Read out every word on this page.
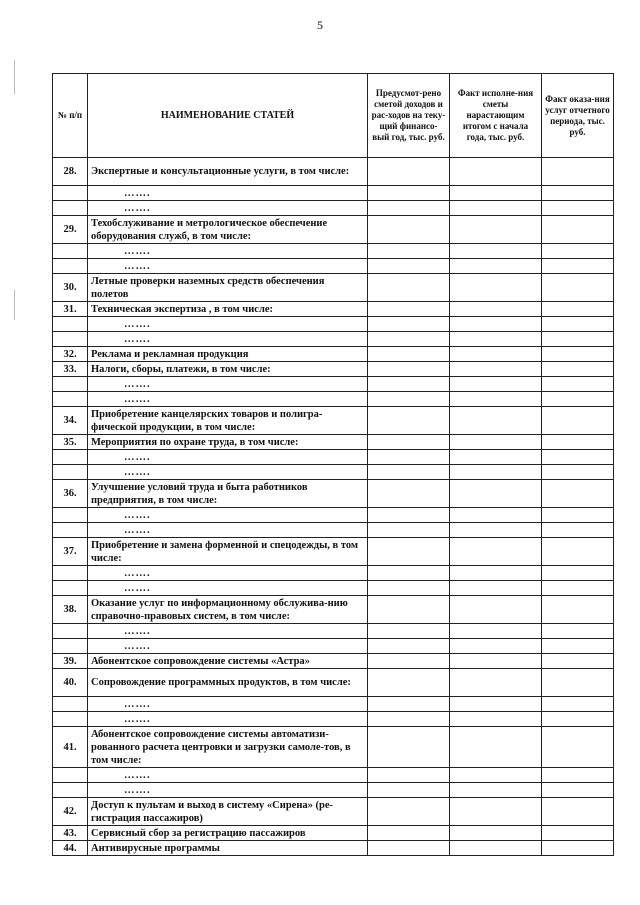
5
№ п/п	НАИМЕНОВАНИЕ СТАТЕЙ	Предусмот-рено сметой доходов и рас-ходов на теку-щий финансо-вый год, тыс. руб.	Факт исполне-ния сметы нарастающим итогом с начала года, тыс. руб.	Факт оказа-ния услуг отчетного периода, тыс. руб.
28.	Экспертные и консультационные услуги, в том числе:			
	…….			
	…….			
29.	Техобслуживание и метрологическое обеспечение оборудования служб, в том числе:			
	…….			
	…….			
30.	Летные проверки наземных средств обеспечения полетов			
31.	Техническая экспертиза , в том числе:			
	…….			
	…….			
32.	Реклама и рекламная продукция			
33.	Налоги, сборы, платежи, в том числе:			
	…….			
	…….			
34.	Приобретение канцелярских товаров и полигра-фической продукции, в том числе:			
35.	Мероприятия по охране труда, в том числе:			
	…….			
	…….			
36.	Улучшение условий труда и быта работников предприятия, в том числе:			
	…….			
	…….			
37.	Приобретение и замена форменной и спецодежды, в том числе:			
	…….			
	…….			
38.	Оказание услуг по информационному обслужива-нию справочно-правовых систем, в том числе:			
	…….			
	…….			
39.	Абонентское сопровождение системы «Астра»			
40.	Сопровождение программных продуктов, в том числе:			
	…….			
	…….			
41.	Абонентское сопровождение системы автоматизи-рованного расчета центровки и загрузки самоле-тов, в том числе:			
	…….			
	…….			
42.	Доступ к пультам и выход в систему «Сирена» (ре-гистрация пассажиров)			
43.	Сервисный сбор за регистрацию пассажиров			
44.	Антивирусные программы			
